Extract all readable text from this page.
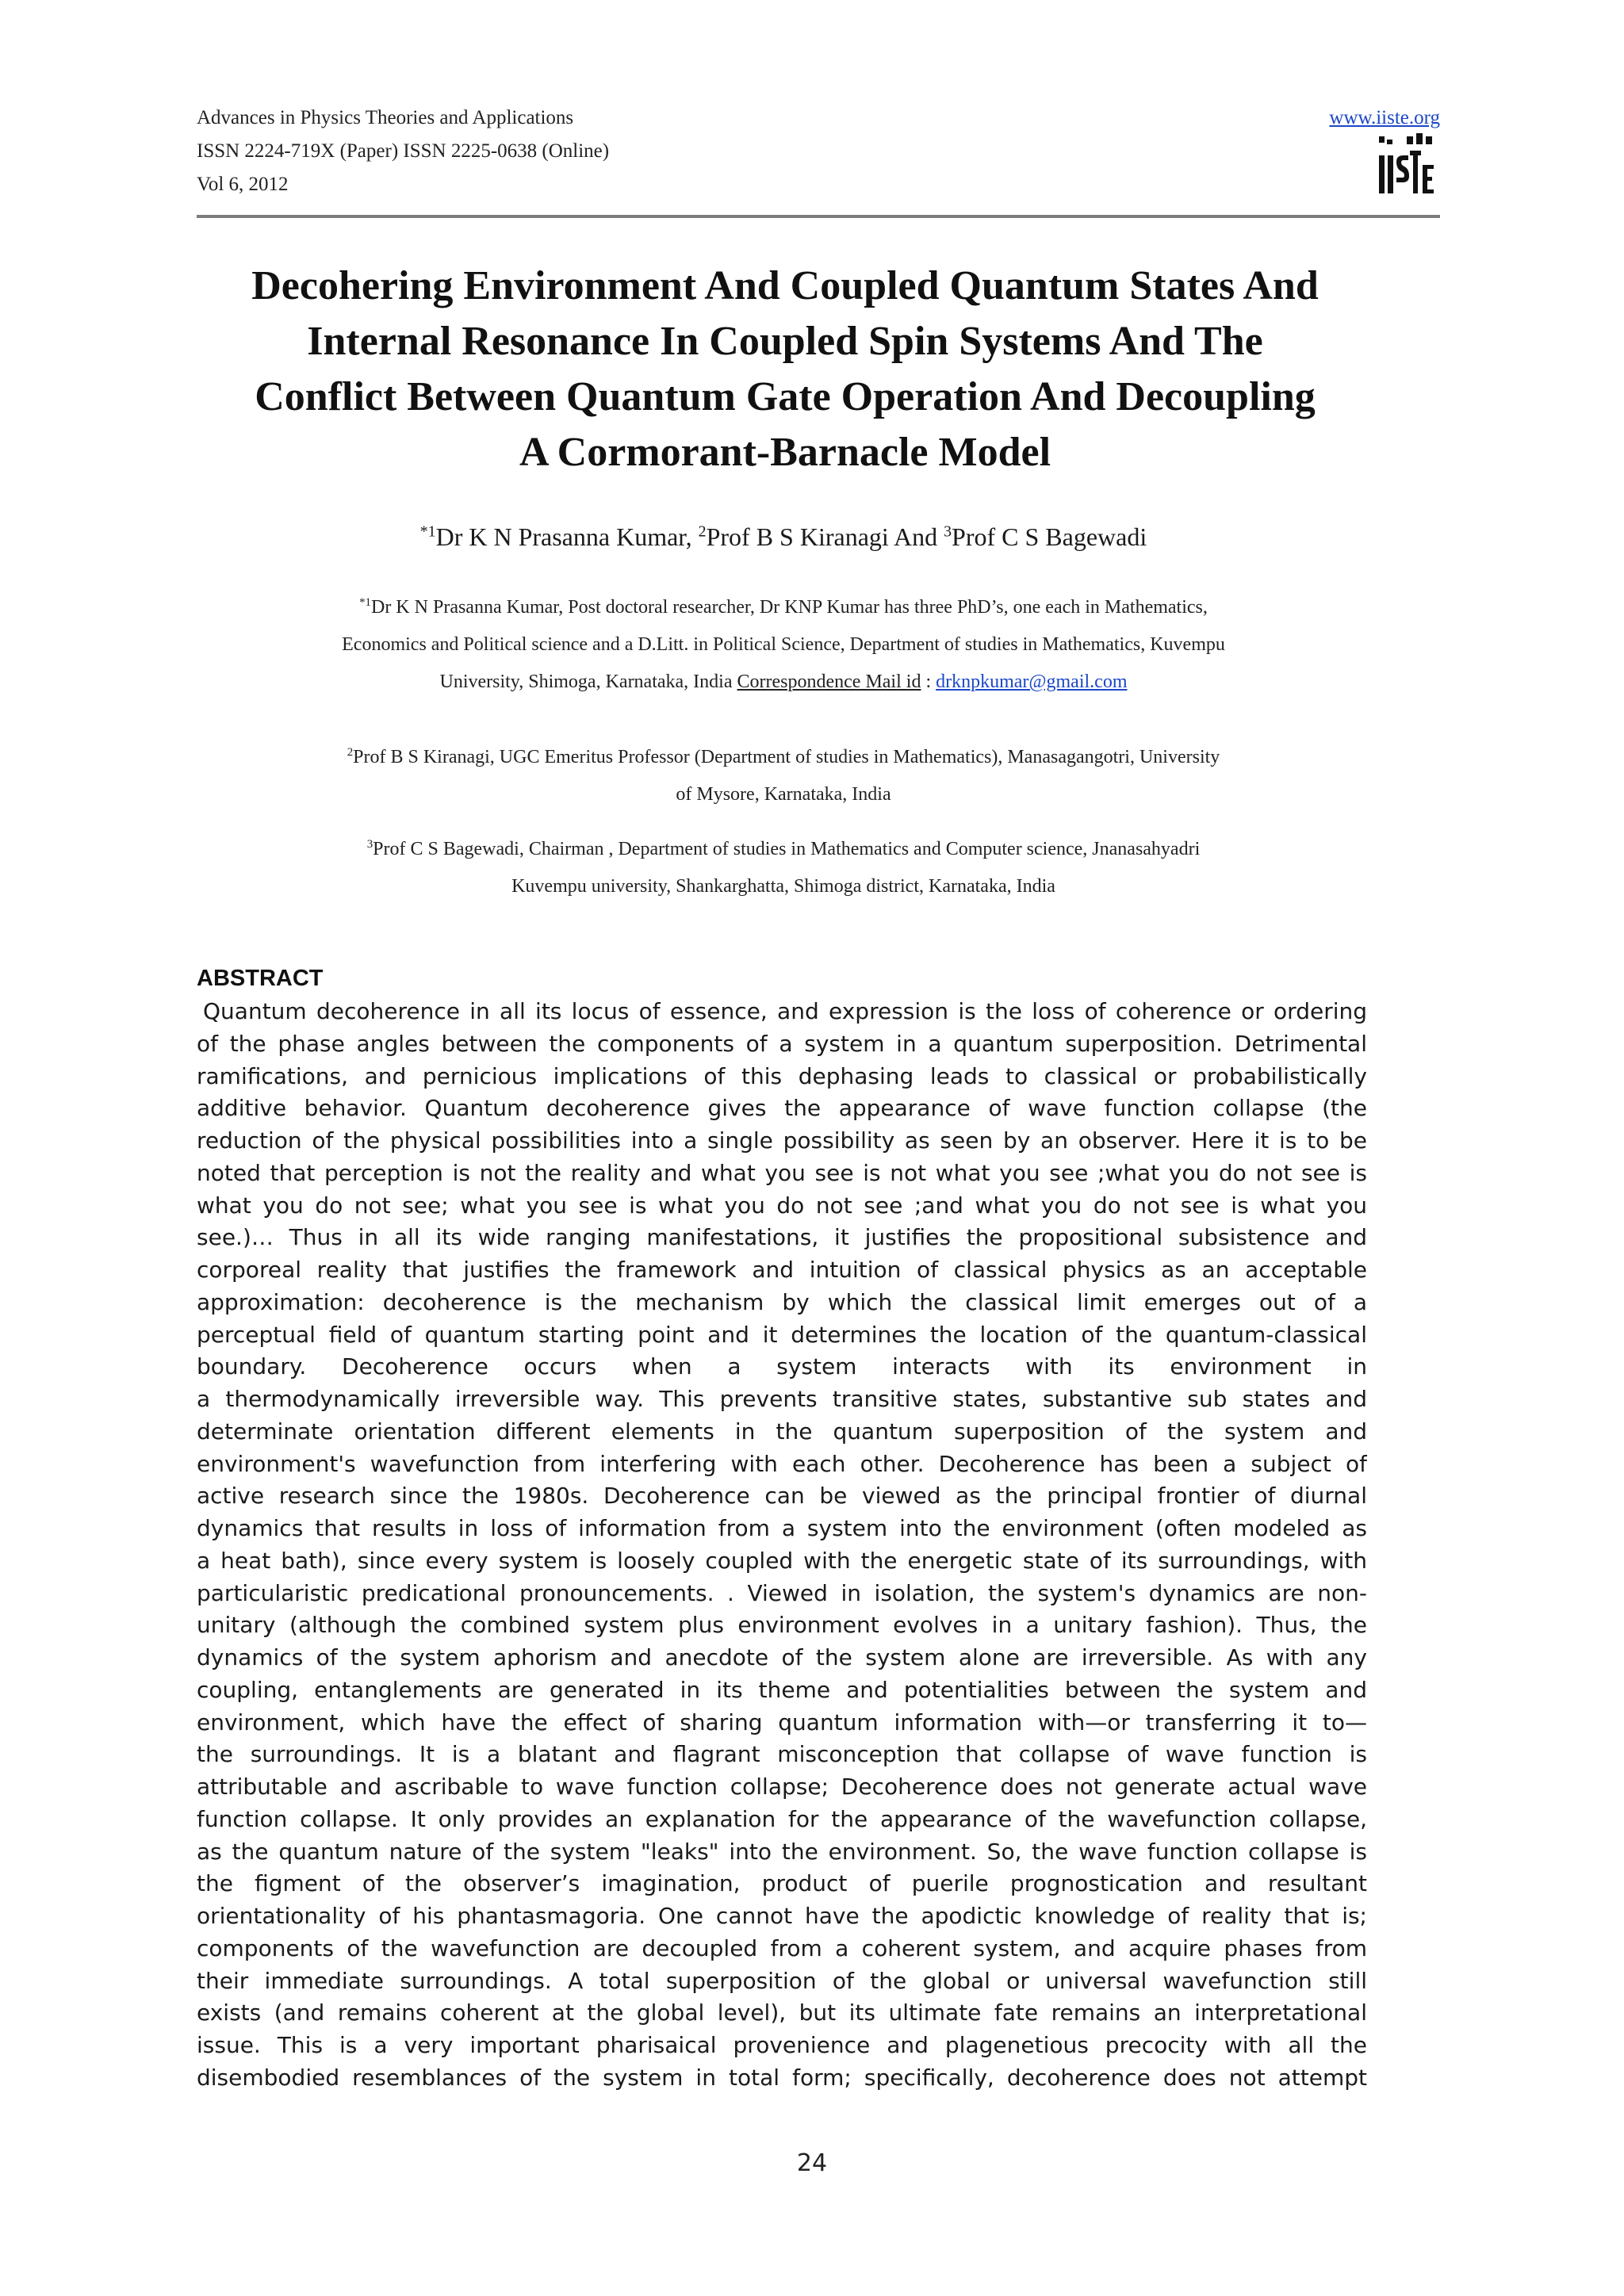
Advances in Physics Theories and Applications
ISSN 2224-719X (Paper) ISSN 2225-0638 (Online)
Vol 6, 2012
www.iiste.org
Decohering Environment And Coupled Quantum States And
Internal Resonance In Coupled Spin Systems And The
Conflict Between Quantum Gate Operation And Decoupling
A Cormorant-Barnacle Model
$^{*1}$Dr K N Prasanna Kumar, $^2$Prof B S Kiranagi And $^3$Prof C S Bagewadi
$^{*1}$Dr K N Prasanna Kumar, Post doctoral researcher, Dr KNP Kumar has three PhD’s, one each in Mathematics,
Economics and Political science and a D.Litt. in Political Science, Department of studies in Mathematics, Kuvempu
University, Shimoga, Karnataka, India Correspondence Mail id : drknpkumar@gmail.com
$^2$Prof B S Kiranagi, UGC Emeritus Professor (Department of studies in Mathematics), Manasagangotri, University
of Mysore, Karnataka, India
$^3$Prof C S Bagewadi, Chairman , Department of studies in Mathematics and Computer science, Jnanasahyadri
Kuvempu university, Shankarghatta, Shimoga district, Karnataka, India
ABSTRACT
Quantum decoherence in all its locus of essence, and expression is the loss of coherence or ordering
of the phase angles between the components of a system in a quantum superposition. Detrimental
ramifications, and pernicious implications of this dephasing leads to classical or probabilistically
additive behavior. Quantum decoherence gives the appearance of wave function collapse (the
reduction of the physical possibilities into a single possibility as seen by an observer. Here it is to be
noted that perception is not the reality and what you see is not what you see ;what you do not see is
what you do not see; what you see is what you do not see ;and what you do not see is what you
see.)… Thus in all its wide ranging manifestations, it justifies the propositional subsistence and
corporeal reality that justifies the framework and intuition of classical physics as an acceptable
approximation: decoherence is the mechanism by which the classical limit emerges out of a
perceptual field of quantum starting point and it determines the location of the quantum-classical
boundary. Decoherence occurs when a system interacts with its environment in
a thermodynamically irreversible way. This prevents transitive states, substantive sub states and
determinate orientation different elements in the quantum superposition of the system and
environment's wavefunction from interfering with each other. Decoherence has been a subject of
active research since the 1980s. Decoherence can be viewed as the principal frontier of diurnal
dynamics that results in loss of information from a system into the environment (often modeled as
a heat bath), since every system is loosely coupled with the energetic state of its surroundings, with
particularistic predicational pronouncements. . Viewed in isolation, the system's dynamics are non-
unitary (although the combined system plus environment evolves in a unitary fashion). Thus, the
dynamics of the system aphorism and anecdote of the system alone are irreversible. As with any
coupling, entanglements are generated in its theme and potentialities between the system and
environment, which have the effect of sharing quantum information with—or transferring it to—
the surroundings. It is a blatant and flagrant misconception that collapse of wave function is
attributable and ascribable to wave function collapse; Decoherence does not generate actual wave
function collapse. It only provides an explanation for the appearance of the wavefunction collapse,
as the quantum nature of the system "leaks" into the environment. So, the wave function collapse is
the figment of the observer’s imagination, product of puerile prognostication and resultant
orientationality of his phantasmagoria. One cannot have the apodictic knowledge of reality that is;
components of the wavefunction are decoupled from a coherent system, and acquire phases from
their immediate surroundings. A total superposition of the global or universal wavefunction still
exists (and remains coherent at the global level), but its ultimate fate remains an interpretational
issue. This is a very important pharisaical provenience and plagenetious precocity with all the
disembodied resemblances of the system in total form; specifically, decoherence does not attempt
24
